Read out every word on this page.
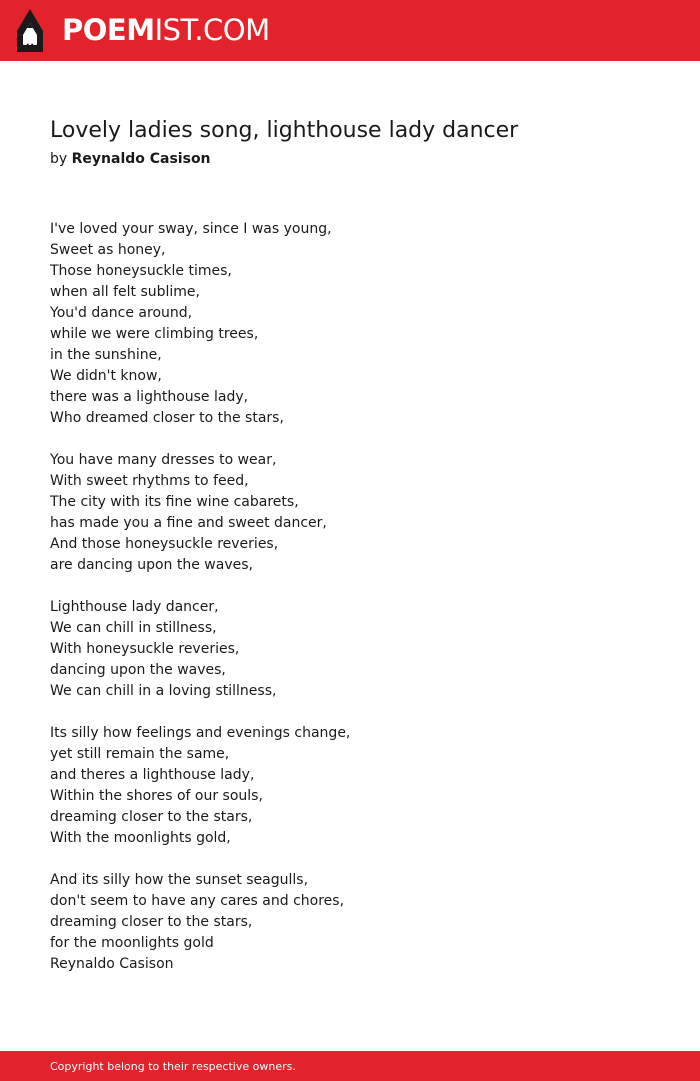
POEMIST.COM
Lovely ladies song, lighthouse lady dancer
by Reynaldo Casison
I've loved your sway, since I was young,
Sweet as honey,
Those honeysuckle times,
when all felt sublime,
You'd dance around,
while we were climbing trees,
in the sunshine,
We didn't know,
there was a lighthouse lady,
Who dreamed closer to the stars,
You have many dresses to wear,
With sweet rhythms to feed,
The city with its fine wine cabarets,
has made you a fine and sweet dancer,
And those honeysuckle reveries,
are dancing upon the waves,
Lighthouse lady dancer,
We can chill in stillness,
With honeysuckle reveries,
dancing upon the waves,
We can chill in a loving stillness,
Its silly how feelings and evenings change,
yet still remain the same,
and theres a lighthouse lady,
Within the shores of our souls,
dreaming closer to the stars,
With the moonlights gold,
And its silly how the sunset seagulls,
don't seem to have any cares and chores,
dreaming closer to the stars,
for the moonlights gold
Reynaldo Casison
Copyright belong to their respective owners.
